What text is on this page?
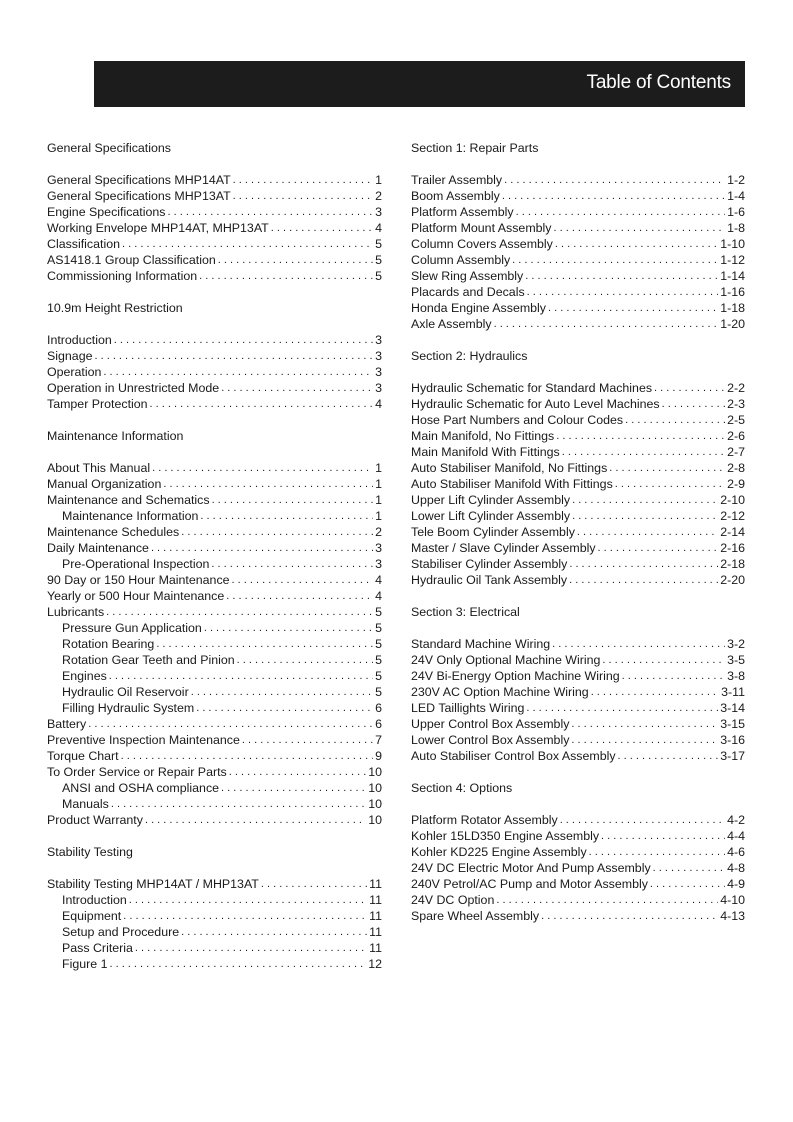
Table of Contents
General Specifications
General Specifications MHP14AT . . .	1
General Specifications MHP13AT . . .	2
Engine Specifications . . .	3
Working Envelope MHP14AT, MHP13AT . . .	4
Classification . . .	5
AS1418.1 Group Classification . . .	5
Commissioning Information . . .	5
10.9m Height Restriction
Introduction . . .	3
Signage . . .	3
Operation . . .	3
Operation in Unrestricted Mode . . .	3
Tamper Protection . . .	4
Maintenance Information
About This Manual . . .	1
Manual Organization . . .	1
Maintenance and Schematics . . .	1
Maintenance Information . . .	1
Maintenance Schedules . . .	2
Daily Maintenance . . .	3
Pre-Operational Inspection . . .	3
90 Day or 150 Hour Maintenance . . .	4
Yearly or 500 Hour Maintenance . . .	4
Lubricants . . .	5
Pressure Gun Application . . .	5
Rotation Bearing . . .	5
Rotation Gear Teeth and Pinion . . .	5
Engines . . .	5
Hydraulic Oil Reservoir . . .	5
Filling Hydraulic System . . .	6
Battery . . .	6
Preventive Inspection Maintenance . . .	7
Torque Chart . . .	9
To Order Service or Repair Parts . . .	10
ANSI and OSHA compliance . . .	10
Manuals . . .	10
Product Warranty . . .	10
Stability Testing
Stability Testing MHP14AT / MHP13AT . . .	11
Introduction . . .	11
Equipment . . .	11
Setup and Procedure . . .	11
Pass Criteria . . .	11
Figure 1 . . .	12
Section 1: Repair Parts
Trailer Assembly . . .	1-2
Boom Assembly . . .	1-4
Platform Assembly . . .	1-6
Platform Mount Assembly . . .	1-8
Column Covers Assembly . . .	1-10
Column Assembly . . .	1-12
Slew Ring Assembly . . .	1-14
Placards and Decals . . .	1-16
Honda Engine Assembly . . .	1-18
Axle Assembly . . .	1-20
Section 2: Hydraulics
Hydraulic Schematic for Standard Machines . . .	2-2
Hydraulic Schematic for Auto Level Machines . . .	2-3
Hose Part Numbers and Colour Codes . . .	2-5
Main Manifold, No Fittings . . .	2-6
Main Manifold With Fittings . . .	2-7
Auto Stabiliser Manifold, No Fittings . . .	2-8
Auto Stabiliser Manifold With Fittings . . .	2-9
Upper Lift Cylinder Assembly . . .	2-10
Lower Lift Cylinder Assembly . . .	2-12
Tele Boom Cylinder Assembly . . .	2-14
Master / Slave Cylinder Assembly . . .	2-16
Stabiliser Cylinder Assembly . . .	2-18
Hydraulic Oil Tank Assembly . . .	2-20
Section 3: Electrical
Standard Machine Wiring . . .	3-2
24V Only Optional Machine Wiring . . .	3-5
24V Bi-Energy Option Machine Wiring . . .	3-8
230V AC Option Machine Wiring . . .	3-11
LED Taillights Wiring . . .	3-14
Upper Control Box Assembly . . .	3-15
Lower Control Box Assembly . . .	3-16
Auto Stabiliser Control Box Assembly . . .	3-17
Section 4: Options
Platform Rotator Assembly . . .	4-2
Kohler 15LD350 Engine Assembly . . .	4-4
Kohler KD225 Engine Assembly . . .	4-6
24V DC Electric Motor And Pump Assembly . . .	4-8
240V Petrol/AC Pump and Motor Assembly . . .	4-9
24V DC Option . . .	4-10
Spare Wheel Assembly . . .	4-13
